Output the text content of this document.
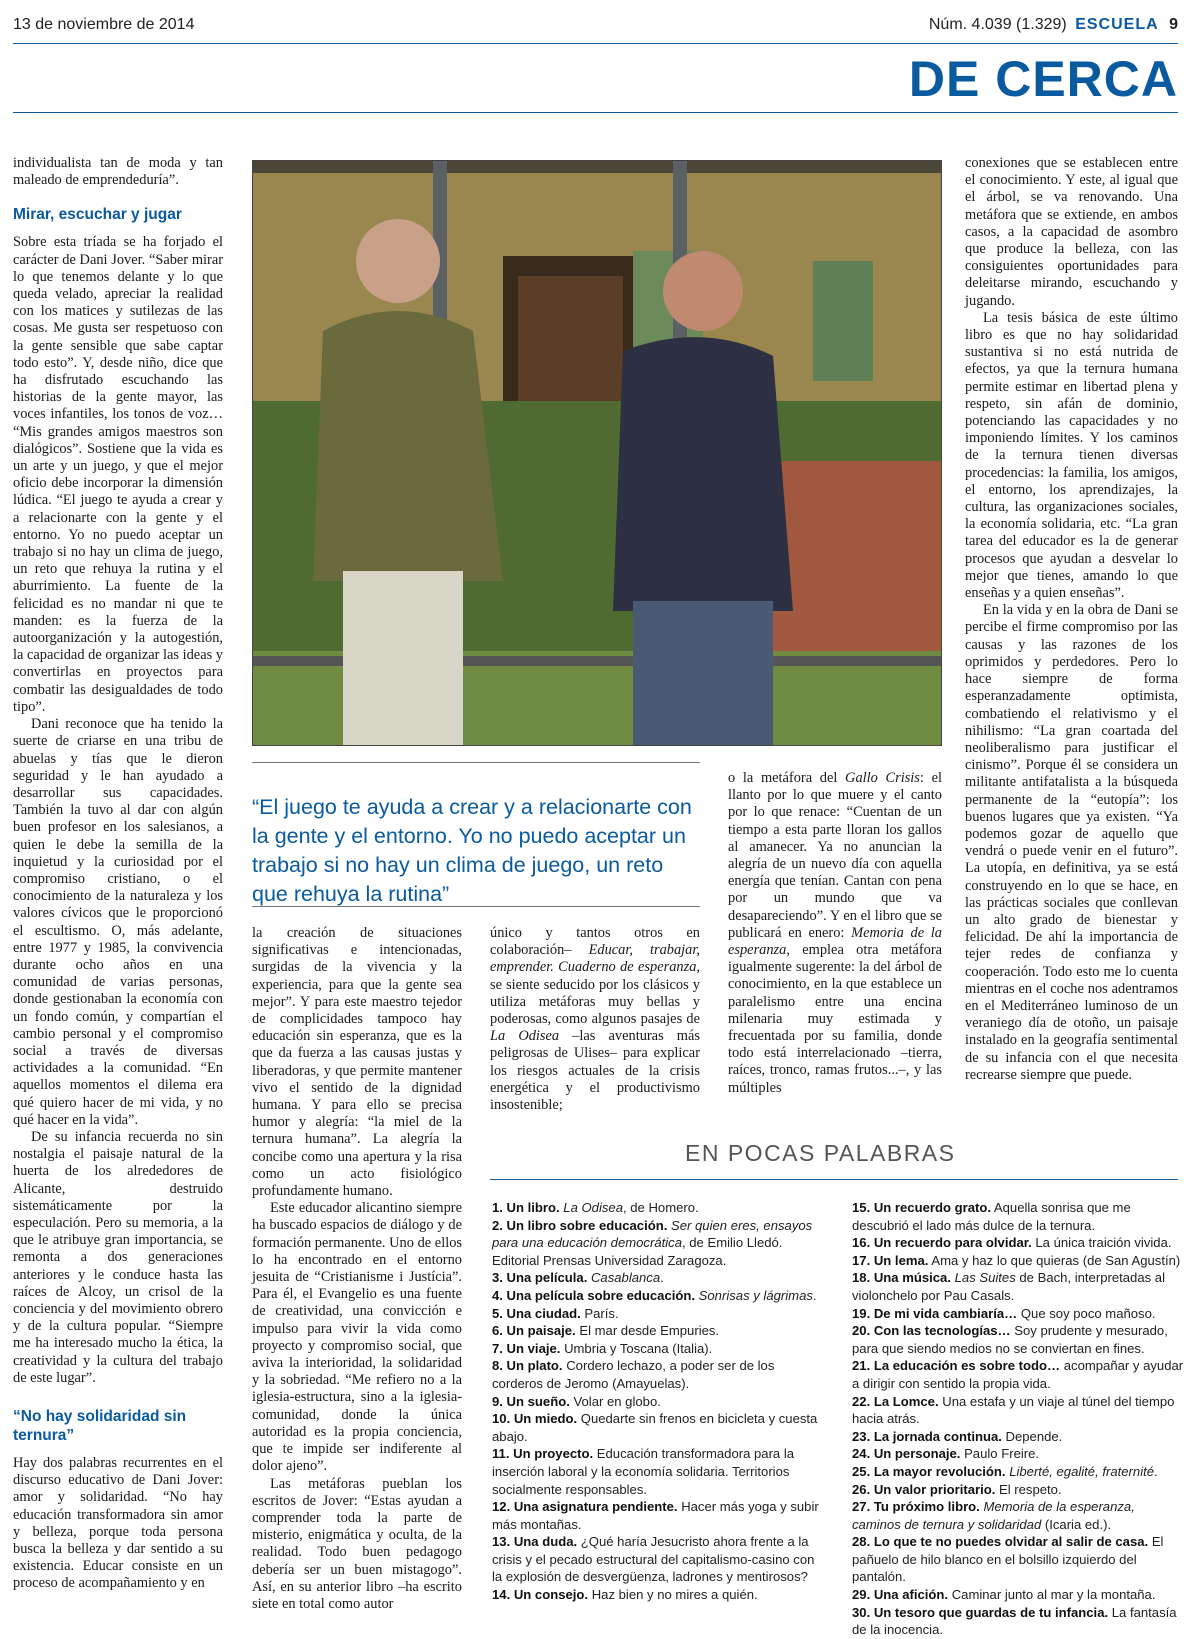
13 de noviembre de 2014	Núm. 4.039 (1.329) ESCUELA 9
DE CERCA

individualista tan de moda y tan maleado de emprendeduría”.

Mirar, escuchar y jugar

Sobre esta tríada se ha forjado el carácter de Dani Jover. “Saber mirar lo que tenemos delante y lo que queda velado, apreciar la realidad con los matices y sutilezas de las cosas. Me gusta ser respetuoso con la gente sensible que sabe captar todo esto”. Y, desde niño, dice que ha disfrutado escuchando las historias de la gente mayor, las voces infantiles, los tonos de voz… “Mis grandes amigos maestros son dialógicos”. Sostiene que la vida es un arte y un juego, y que el mejor oficio debe incorporar la dimensión lúdica. “El juego te ayuda a crear y a relacionarte con la gente y el entorno. Yo no puedo aceptar un trabajo si no hay un clima de juego, un reto que rehuya la rutina y el aburrimiento. La fuente de la felicidad es no mandar ni que te manden: es la fuerza de la autoorganización y la autogestión, la capacidad de organizar las ideas y convertirlas en proyectos para combatir las desigualdades de todo tipo”.

Dani reconoce que ha tenido la suerte de criarse en una tribu de abuelas y tías que le dieron seguridad y le han ayudado a desarrollar sus capacidades. También la tuvo al dar con algún buen profesor en los salesianos, a quien le debe la semilla de la inquietud y la curiosidad por el compromiso cristiano, o el conocimiento de la naturaleza y los valores cívicos que le proporcionó el escultismo. O, más adelante, entre 1977 y 1985, la convivencia durante ocho años en una comunidad de varias personas, donde gestionaban la economía con un fondo común, y compartían el cambio personal y el compromiso social a través de diversas actividades a la comunidad. “En aquellos momentos el dilema era qué quiero hacer de mi vida, y no qué hacer en la vida”.

De su infancia recuerda no sin nostalgia el paisaje natural de la huerta de los alrededores de Alicante, destruido sistemáticamente por la especulación. Pero su memoria, a la que le atribuye gran importancia, se remonta a dos generaciones anteriores y le conduce hasta las raíces de Alcoy, un crisol de la conciencia y del movimiento obrero y de la cultura popular. “Siempre me ha interesado mucho la ética, la creatividad y la cultura del trabajo de este lugar”.

“No hay solidaridad sin ternura”

Hay dos palabras recurrentes en el discurso educativo de Dani Jover: amor y solidaridad. “No hay educación transformadora sin amor y belleza, porque toda persona busca la belleza y dar sentido a su existencia. Educar consiste en un proceso de acompañamiento y en

“El juego te ayuda a crear y a relacionarte con la gente y el entorno. Yo no puedo aceptar un trabajo si no hay un clima de juego, un reto que rehuya la rutina”

la creación de situaciones significativas e intencionadas, surgidas de la vivencia y la experiencia, para que la gente sea mejor”. Y para este maestro tejedor de complicidades tampoco hay educación sin esperanza, que es la que da fuerza a las causas justas y liberadoras, y que permite mantener vivo el sentido de la dignidad humana. Y para ello se precisa humor y alegría: “la miel de la ternura humana”. La alegría la concibe como una apertura y la risa como un acto fisiológico profundamente humano.

Este educador alicantino siempre ha buscado espacios de diálogo y de formación permanente. Uno de ellos lo ha encontrado en el entorno jesuita de “Cristianisme i Justícia”. Para él, el Evangelio es una fuente de creatividad, una convicción e impulso para vivir la vida como proyecto y compromiso social, que aviva la interioridad, la solidaridad y la sobriedad. “Me refiero no a la iglesia-estructura, sino a la iglesia-comunidad, donde la única autoridad es la propia conciencia, que te impide ser indiferente al dolor ajeno”.

Las metáforas pueblan los escritos de Jover: “Estas ayudan a comprender toda la parte de misterio, enigmática y oculta, de la realidad. Todo buen pedagogo debería ser un buen mistagogo”. Así, en su anterior libro –ha escrito siete en total como autor

único y tantos otros en colaboración– Educar, trabajar, emprender. Cuaderno de esperanza, se siente seducido por los clásicos y utiliza metáforas muy bellas y poderosas, como algunos pasajes de La Odisea –las aventuras más peligrosas de Ulises– para explicar los riesgos actuales de la crisis energética y el productivismo insostenible;

o la metáfora del Gallo Crisis: el llanto por lo que muere y el canto por lo que renace: “Cuentan de un tiempo a esta parte lloran los gallos al amanecer. Ya no anuncian la alegría de un nuevo día con aquella energía que tenían. Cantan con pena por un mundo que va desapareciendo”. Y en el libro que se publicará en enero: Memoria de la esperanza, emplea otra metáfora igualmente sugerente: la del árbol de conocimiento, en la que establece un paralelismo entre una encina milenaria muy estimada y frecuentada por su familia, donde todo está interrelacionado –tierra, raíces, tronco, ramas frutos...–, y las múltiples

conexiones que se establecen entre el conocimiento. Y este, al igual que el árbol, se va renovando. Una metáfora que se extiende, en ambos casos, a la capacidad de asombro que produce la belleza, con las consiguientes oportunidades para deleitarse mirando, escuchando y jugando.

La tesis básica de este último libro es que no hay solidaridad sustantiva si no está nutrida de efectos, ya que la ternura humana permite estimar en libertad plena y respeto, sin afán de dominio, potenciando las capacidades y no imponiendo límites. Y los caminos de la ternura tienen diversas procedencias: la familia, los amigos, el entorno, los aprendizajes, la cultura, las organizaciones sociales, la economía solidaria, etc. “La gran tarea del educador es la de generar procesos que ayudan a desvelar lo mejor que tienes, amando lo que enseñas y a quien enseñas”.

En la vida y en la obra de Dani se percibe el firme compromiso por las causas y las razones de los oprimidos y perdedores. Pero lo hace siempre de forma esperanzadamente optimista, combatiendo el relativismo y el nihilismo: “La gran coartada del neoliberalismo para justificar el cinismo”. Porque él se considera un militante antifatalista a la búsqueda permanente de la “eutopía”: los buenos lugares que ya existen. “Ya podemos gozar de aquello que vendrá o puede venir en el futuro”. La utopía, en definitiva, ya se está construyendo en lo que se hace, en las prácticas sociales que conllevan un alto grado de bienestar y felicidad. De ahí la importancia de tejer redes de confianza y cooperación. Todo esto me lo cuenta mientras en el coche nos adentramos en el Mediterráneo luminoso de un veraniego día de otoño, un paisaje instalado en la geografía sentimental de su infancia con el que necesita recrearse siempre que puede.

EN POCAS PALABRAS
1. Un libro. La Odisea, de Homero.
2. Un libro sobre educación. Ser quien eres, ensayos para una educación democrática, de Emilio Lledó. Editorial Prensas Universidad Zaragoza.
3. Una película. Casablanca.
4. Una película sobre educación. Sonrisas y lágrimas.
5. Una ciudad. París.
6. Un paisaje. El mar desde Empuries.
7. Un viaje. Umbria y Toscana (Italia).
8. Un plato. Cordero lechazo, a poder ser de los corderos de Jeromo (Amayuelas).
9. Un sueño. Volar en globo.
10. Un miedo. Quedarte sin frenos en bicicleta y cuesta abajo.
11. Un proyecto. Educación transformadora para la inserción laboral y la economía solidaria. Territorios socialmente responsables.
12. Una asignatura pendiente. Hacer más yoga y subir más montañas.
13. Una duda. ¿Qué haría Jesucristo ahora frente a la crisis y el pecado estructural del capitalismo-casino con la explosión de desvergüenza, ladrones y mentirosos?
14. Un consejo. Haz bien y no mires a quién.
15. Un recuerdo grato. Aquella sonrisa que me descubrió el lado más dulce de la ternura.
16. Un recuerdo para olvidar. La única traición vivida.
17. Un lema. Ama y haz lo que quieras (de San Agustín)
18. Una música. Las Suites de Bach, interpretadas al violonchelo por Pau Casals.
19. De mi vida cambiaría… Que soy poco mañoso.
20. Con las tecnologías… Soy prudente y mesurado, para que siendo medios no se conviertan en fines.
21. La educación es sobre todo… acompañar y ayudar a dirigir con sentido la propia vida.
22. La Lomce. Una estafa y un viaje al túnel del tiempo hacia atrás.
23. La jornada continua. Depende.
24. Un personaje. Paulo Freire.
25. La mayor revolución. Liberté, egalité, fraternité.
26. Un valor prioritario. El respeto.
27. Tu próximo libro. Memoria de la esperanza, caminos de ternura y solidaridad (Icaria ed.).
28. Lo que te no puedes olvidar al salir de casa. El pañuelo de hilo blanco en el bolsillo izquierdo del pantalón.
29. Una afición. Caminar junto al mar y la montaña.
30. Un tesoro que guardas de tu infancia. La fantasía de la inocencia.
